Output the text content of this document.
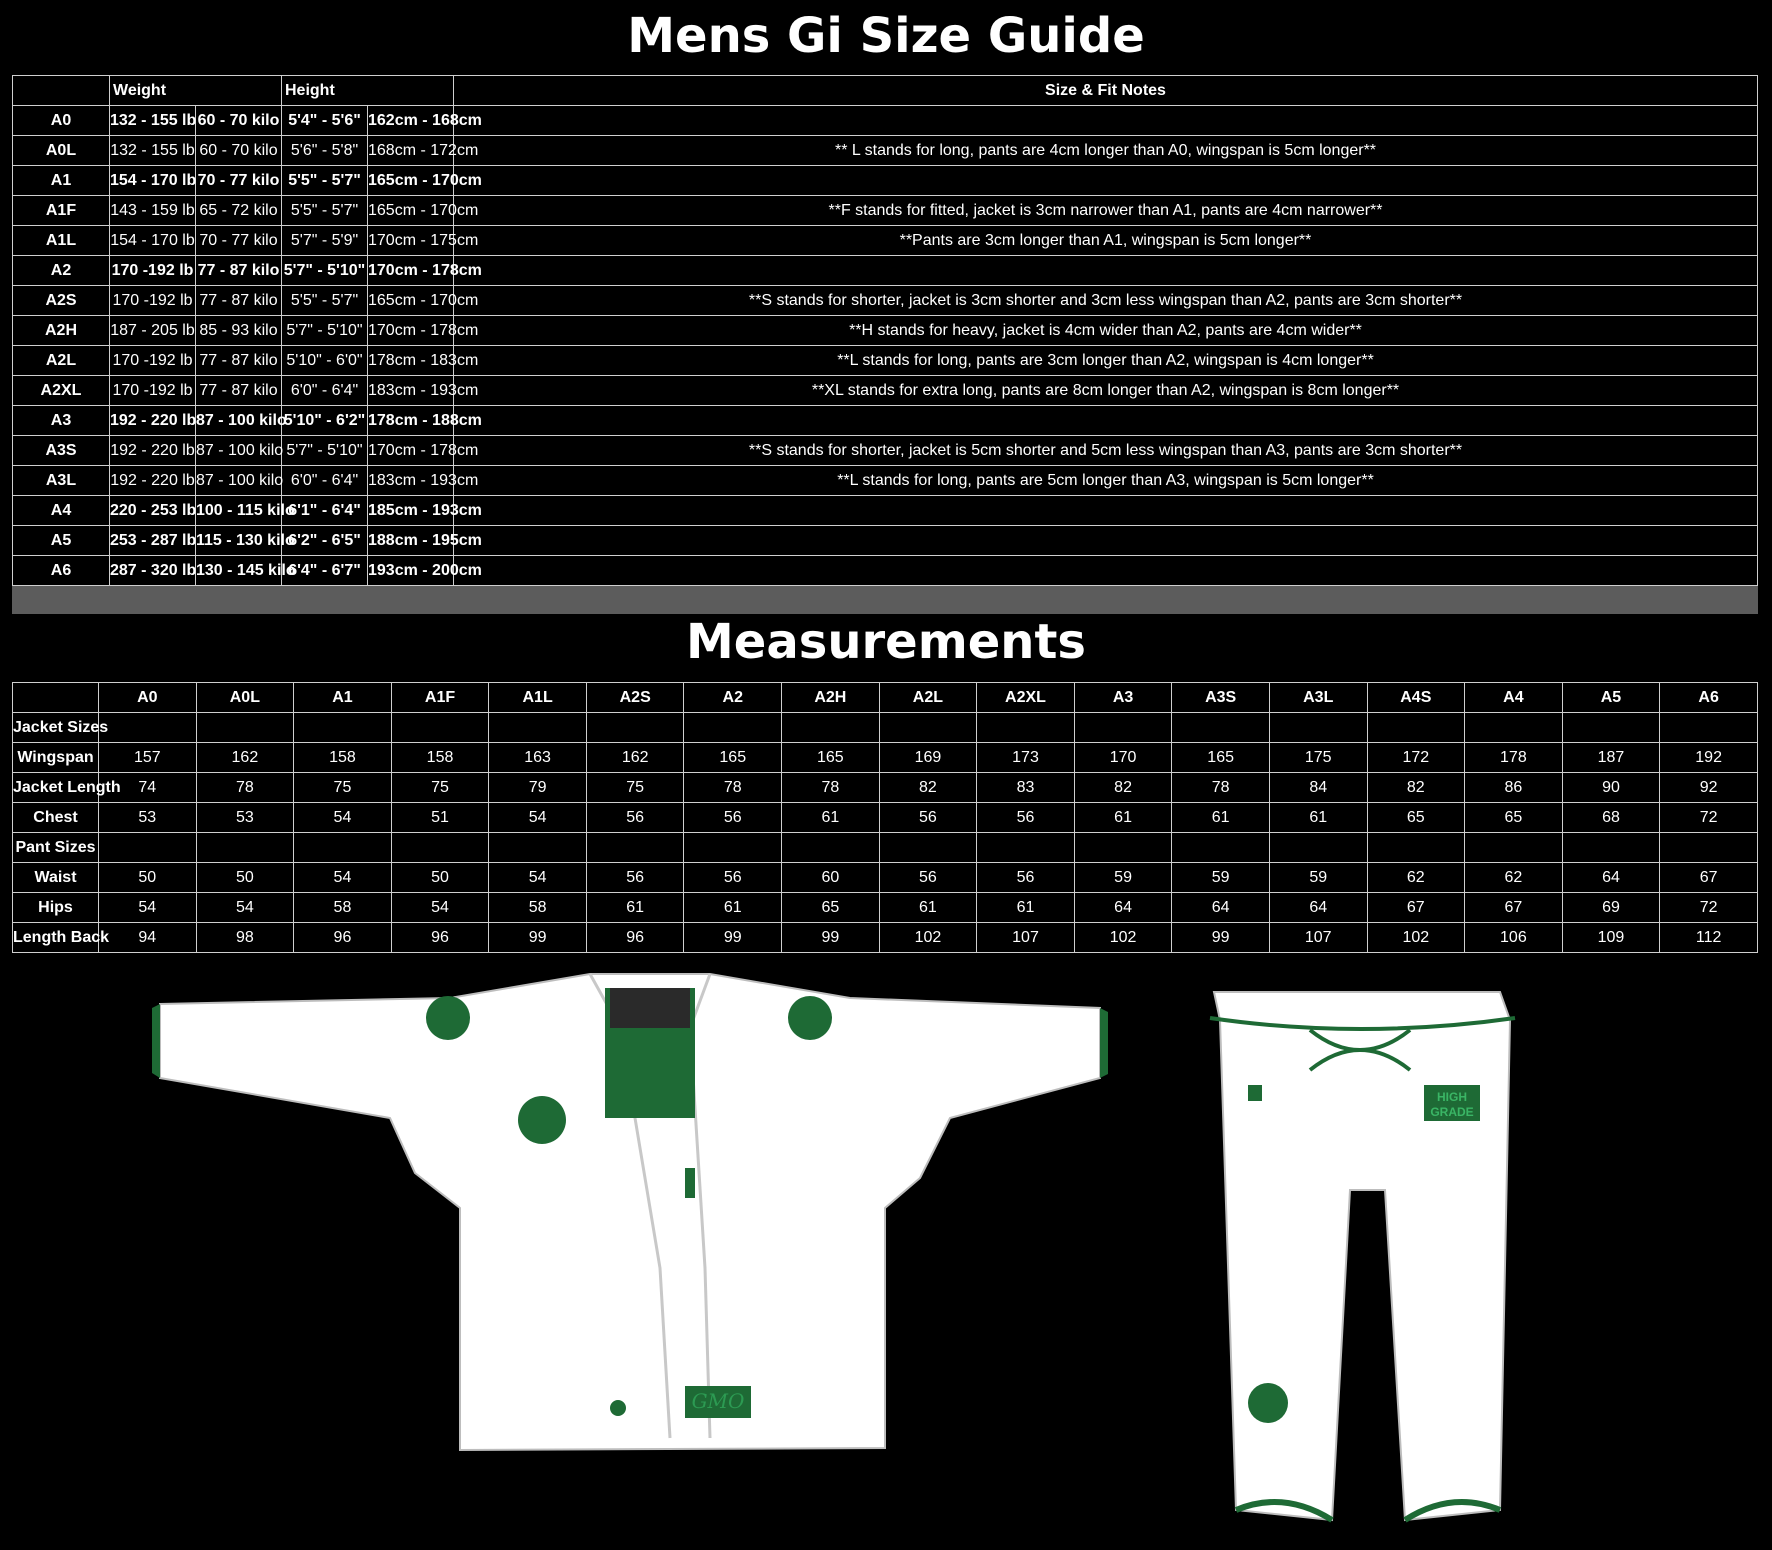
Mens Gi Size Guide
	Weight		Height		Size & Fit Notes
A0	132 - 155 lb	60 - 70 kilo	5'4" - 5'6"	162cm - 168cm	
A0L	132 - 155 lb	60 - 70 kilo	5'6" - 5'8"	168cm - 172cm	** L stands for long, pants are 4cm longer than A0, wingspan is 5cm longer**
A1	154 - 170 lb	70 - 77 kilo	5'5" - 5'7"	165cm - 170cm	
A1F	143 - 159 lb	65 - 72 kilo	5'5" - 5'7"	165cm - 170cm	**F stands for fitted, jacket is 3cm narrower than A1, pants are 4cm narrower**
A1L	154 - 170 lb	70 - 77 kilo	5'7" - 5'9"	170cm - 175cm	**Pants are 3cm longer than A1, wingspan is 5cm longer**
A2	170 -192 lb	77 - 87 kilo	5'7" - 5'10"	170cm - 178cm	
A2S	170 -192 lb	77 - 87 kilo	5'5" - 5'7"	165cm - 170cm	**S stands for shorter, jacket is 3cm shorter and 3cm less wingspan than A2, pants are 3cm shorter**
A2H	187 - 205 lb	85 - 93 kilo	5'7" - 5'10"	170cm - 178cm	**H stands for heavy, jacket is 4cm wider than A2, pants are 4cm wider**
A2L	170 -192 lb	77 - 87 kilo	5'10" - 6'0"	178cm - 183cm	**L stands for long, pants are 3cm longer than A2, wingspan is 4cm longer**
A2XL	170 -192 lb	77 - 87 kilo	6'0" - 6'4"	183cm - 193cm	**XL stands for extra long, pants are 8cm longer than A2, wingspan is 8cm longer**
A3	192 - 220 lb	87 - 100 kilo	5'10" - 6'2"	178cm - 188cm	
A3S	192 - 220 lb	87 - 100 kilo	5'7" - 5'10"	170cm - 178cm	**S stands for shorter, jacket is 5cm shorter and 5cm less wingspan than A3, pants are 3cm shorter**
A3L	192 - 220 lb	87 - 100 kilo	6'0" - 6'4"	183cm - 193cm	**L stands for long, pants are 5cm longer than A3, wingspan is 5cm longer**
A4	220 - 253 lb	100 - 115 kilo	6'1" - 6'4"	185cm - 193cm	
A5	253 - 287 lb	115 - 130 kilo	6'2" - 6'5"	188cm - 195cm	
A6	287 - 320 lb	130 - 145 kilo	6'4" - 6'7"	193cm - 200cm	
Measurements
	A0	A0L	A1	A1F	A1L	A2S	A2	A2H	A2L	A2XL	A3	A3S	A3L	A4S	A4	A5	A6
Jacket Sizes																	
Wingspan	157	162	158	158	163	162	165	165	169	173	170	165	175	172	178	187	192
Jacket Length	74	78	75	75	79	75	78	78	82	83	82	78	84	82	86	90	92
Chest	53	53	54	51	54	56	56	61	56	56	61	61	61	65	65	68	72
Pant Sizes																	
Waist	50	50	54	50	54	56	56	60	56	56	59	59	59	62	62	64	67
Hips	54	54	58	54	58	61	61	65	61	61	64	64	64	67	67	69	72
Length Back	94	98	96	96	99	96	99	99	102	107	102	99	107	102	106	109	112
GMO
HIGH
GRADE
